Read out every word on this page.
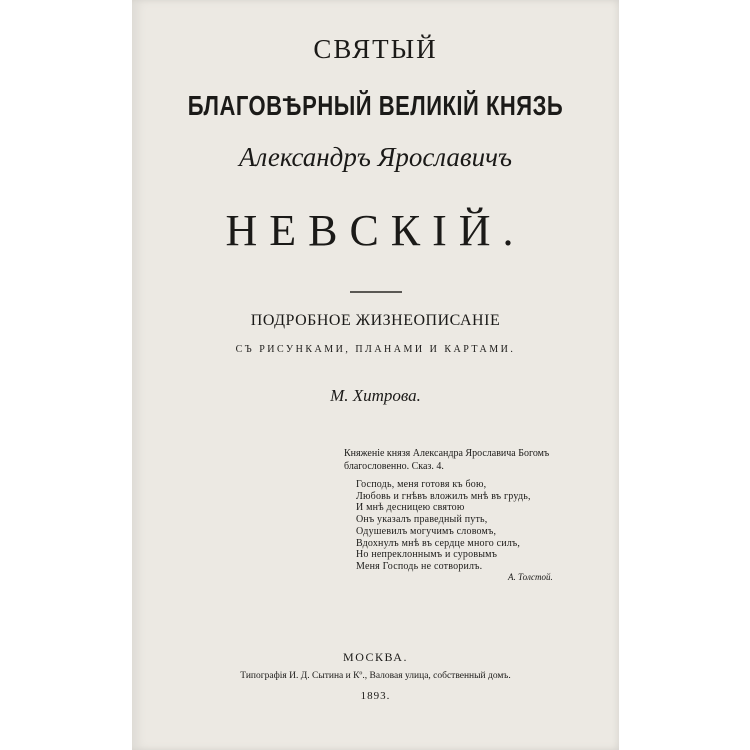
СВЯТЫЙ
БЛАГОВѢРНЫЙ ВЕЛИКІЙ КНЯЗЬ
Александръ Ярославичъ
НЕВСКІЙ.
ПОДРОБНОЕ ЖИЗНЕОПИСАНІЕ
СЪ РИСУНКАМИ, ПЛАНАМИ И КАРТАМИ.
М. Хитрова.
Княженіе князя Александра Ярославича Богомъ
благословенно. Сказ. 4.
Господь, меня готовя къ бою,
Любовь и гнѣвъ вложилъ мнѣ въ грудь,
И мнѣ десницею святою
Онъ указалъ праведный путь,
Одушевилъ могучимъ словомъ,
Вдохнулъ мнѣ въ сердце много силъ,
Но непреклоннымъ и суровымъ
Меня Господь не сотворилъ.
А. Толстой.
МОСКВА.
Типографія И. Д. Сытина и Кº., Валовая улица, собственный домъ.
1893.
